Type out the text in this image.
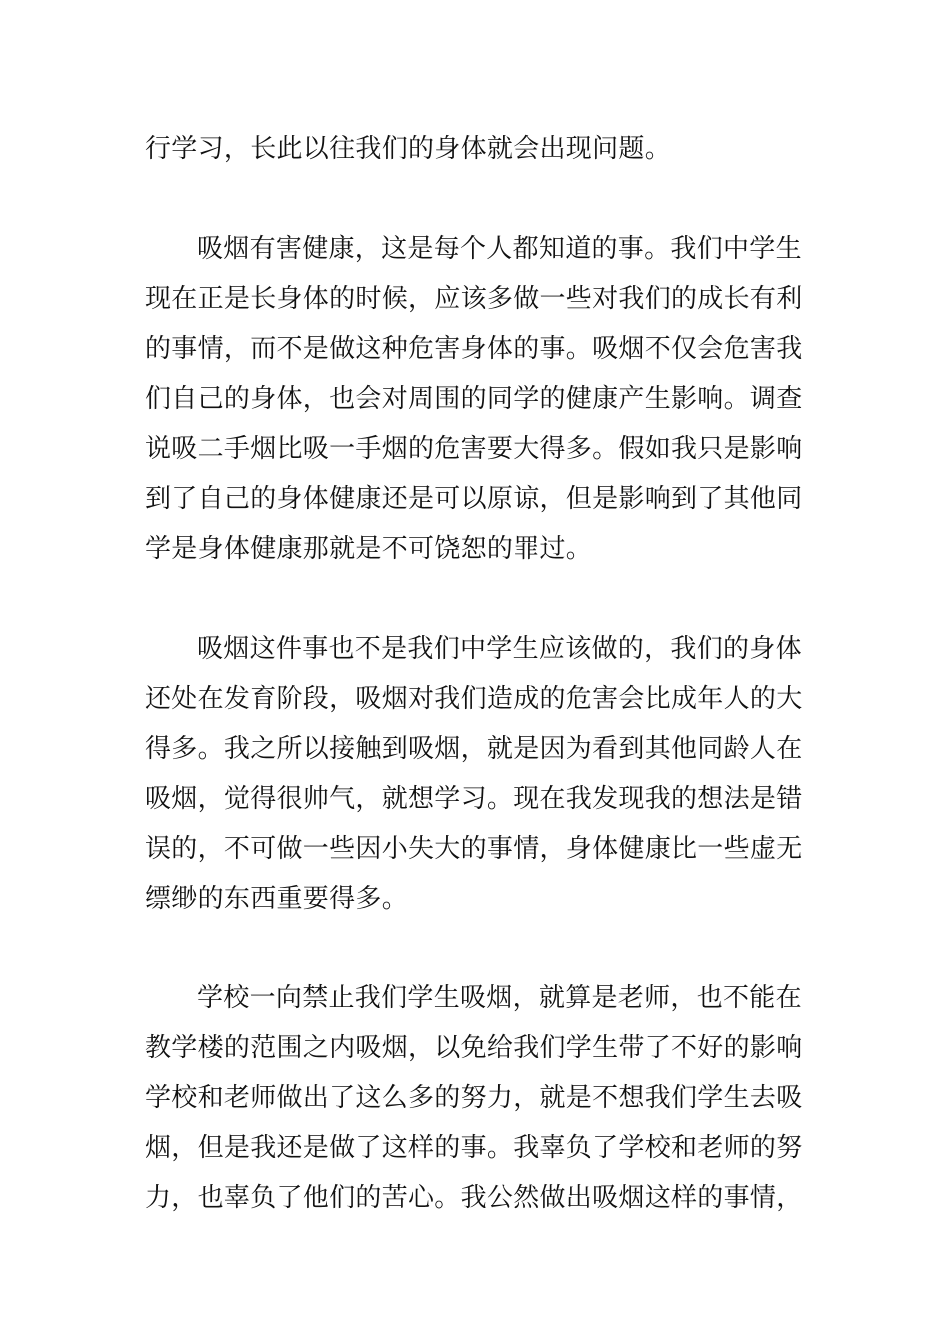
行学习，长此以往我们的身体就会出现问题。
吸烟有害健康，这是每个人都知道的事。我们中学生
现在正是长身体的时候，应该多做一些对我们的成长有利
的事情，而不是做这种危害身体的事。吸烟不仅会危害我
们自己的身体，也会对周围的同学的健康产生影响。调查
说吸二手烟比吸一手烟的危害要大得多。假如我只是影响
到了自己的身体健康还是可以原谅，但是影响到了其他同
学是身体健康那就是不可饶恕的罪过。
吸烟这件事也不是我们中学生应该做的，我们的身体
还处在发育阶段，吸烟对我们造成的危害会比成年人的大
得多。我之所以接触到吸烟，就是因为看到其他同龄人在
吸烟，觉得很帅气，就想学习。现在我发现我的想法是错
误的，不可做一些因小失大的事情，身体健康比一些虚无
缥缈的东西重要得多。
学校一向禁止我们学生吸烟，就算是老师，也不能在
教学楼的范围之内吸烟，以免给我们学生带了不好的影响
学校和老师做出了这么多的努力，就是不想我们学生去吸
烟，但是我还是做了这样的事。我辜负了学校和老师的努
力，也辜负了他们的苦心。我公然做出吸烟这样的事情，
